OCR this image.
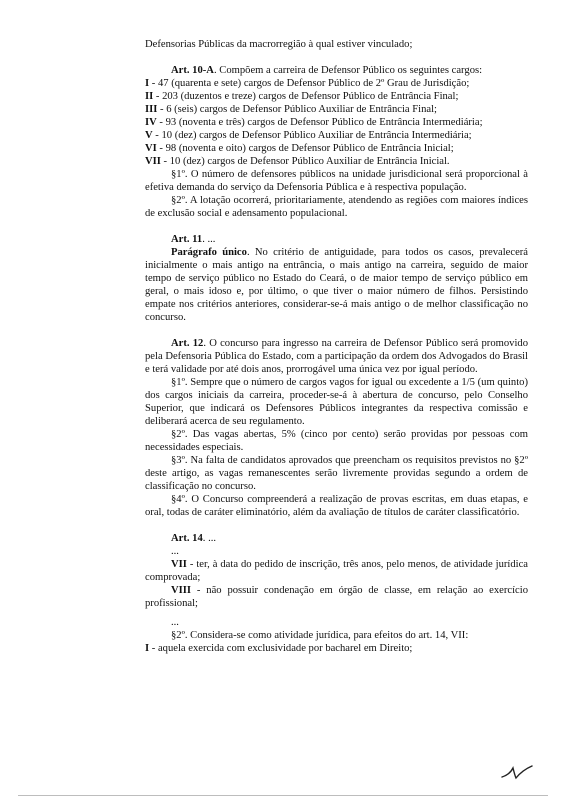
Defensorias Públicas da macrorregião à qual estiver vinculado;

Art. 10-A. Compõem a carreira de Defensor Público os seguintes cargos:

I - 47 (quarenta e sete) cargos de Defensor Público de 2º Grau de Jurisdição;

II - 203 (duzentos e treze) cargos de Defensor Público de Entrância Final;

III - 6 (seis) cargos de Defensor Público Auxiliar de Entrância Final;

IV - 93 (noventa e três) cargos de Defensor Público de Entrância Intermediária;

V - 10 (dez) cargos de Defensor Público Auxiliar de Entrância Intermediária;

VI - 98 (noventa e oito) cargos de Defensor Público de Entrância Inicial;

VII - 10 (dez) cargos de Defensor Público Auxiliar de Entrância Inicial.

§1º. O número de defensores públicos na unidade jurisdicional será proporcional à efetiva demanda do serviço da Defensoria Pública e à respectiva população.

§2º. A lotação ocorrerá, prioritariamente, atendendo as regiões com maiores índices de exclusão social e adensamento populacional.

Art. 11. ...

Parágrafo único. No critério de antiguidade, para todos os casos, prevalecerá inicialmente o mais antigo na entrância, o mais antigo na carreira, seguido de maior tempo de serviço público no Estado do Ceará, o de maior tempo de serviço público em geral, o mais idoso e, por último, o que tiver o maior número de filhos. Persistindo empate nos critérios anteriores, considerar-se-á mais antigo o de melhor classificação no concurso.

Art. 12. O concurso para ingresso na carreira de Defensor Público será promovido pela Defensoria Pública do Estado, com a participação da ordem dos Advogados do Brasil e terá validade por até dois anos, prorrogável uma única vez por igual período.

§1º. Sempre que o número de cargos vagos for igual ou excedente a 1/5 (um quinto) dos cargos iniciais da carreira, proceder-se-á à abertura de concurso, pelo Conselho Superior, que indicará os Defensores Públicos integrantes da respectiva comissão e deliberará acerca de seu regulamento.

§2º. Das vagas abertas, 5% (cinco por cento) serão providas por pessoas com necessidades especiais.

§3º. Na falta de candidatos aprovados que preencham os requisitos previstos no §2º deste artigo, as vagas remanescentes serão livremente providas segundo a ordem de classificação no concurso.

§4º. O Concurso compreenderá a realização de provas escritas, em duas etapas, e oral, todas de caráter eliminatório, além da avaliação de títulos de caráter classificatório.

Art. 14. ...

...

VII - ter, à data do pedido de inscrição, três anos, pelo menos, de atividade jurídica comprovada;

VIII - não possuir condenação em órgão de classe, em relação ao exercício profissional;

...

§2º. Considera-se como atividade jurídica, para efeitos do art. 14, VII:

I - aquela exercida com exclusividade por bacharel em Direito;
